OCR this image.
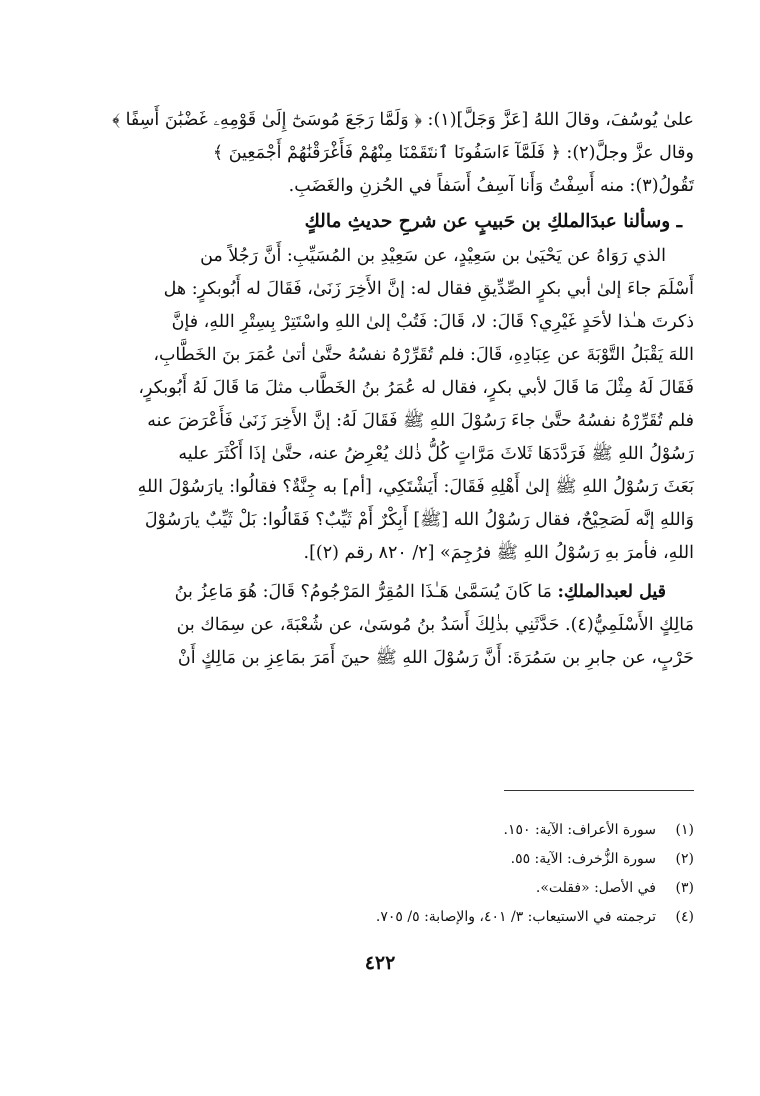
علىٰ يُوسُفَ، وقالَ اللهُ [عَزَّ وَجَلَّ](١): ﴿ وَلَمَّا رَجَعَ مُوسَىٰٓ إِلَىٰ قَوْمِهِۦ غَضْبَٰنَ أَسِفًا ﴾
وقال عزَّ وجلَّ(٢): ﴿ فَلَمَّآ ءَاسَفُونَا ٱنتَقَمْنَا مِنْهُمْ فَأَغْرَقْنَٰهُمْ أَجْمَعِينَ ﴾
تَقُولُ(٣): منه أَسِفْتُ وَأَنا آسِفُ أَسَفاً في الحُزنِ والغَضَبِ.

ـ وسألنا عبدَالملكِ بن حَبيبٍ عن شرحِ حديثِ مالكٍ

الذي رَوَاهُ عن يَحْيَىٰ بن سَعِيْدٍ، عن سَعِيْدِ بن المُسَيِّبِ: أَنَّ رَجُلاً من
أَسْلَمَ جاءَ إلىٰ أبي بكرٍ الصِّدِّيقِ فقال له: إنَّ الأَخِرَ زَنَىٰ، فَقَالَ له أَبُوبكرٍ: هل
ذكرتَ هـٰذا لأحَدٍ غَيْرِي؟ قَالَ: لا، قَالَ: فَتُبْ إلىٰ اللهِ واسْتَتِرْ بِسِتْرِ اللهِ، فإنَّ
اللهَ يَقْبَلُ التَّوْبَةَ عن عِبَادِهِ، قَالَ: فلم تُقَرِّرْهُ نفسُهُ حتَّىٰ أتىٰ عُمَرَ بنَ الخَطَّابِ،
فَقَالَ لَهُ مِثْلَ مَا قَالَ لأبي بكرٍ، فقال له عُمَرُ بنُ الخَطَّاب مثلَ مَا قَالَ لَهُ أَبُوبكرٍ،
فلم تُقَرِّرْهُ نفسُهُ حتَّىٰ جاءَ رَسُوْلَ اللهِ ﷺ فَقَالَ لَهُ: إنَّ الأَخِرَ زَنَىٰ فَأَعْرَضَ عنه
رَسُوْلُ اللهِ ﷺ فَرَدَّدَهَا ثَلاثَ مَرَّاتٍ كُلُّ ذٰلك يُعْرِضُ عنه، حتَّىٰ إذَا أَكْثَرَ عليه
بَعَثَ رَسُوْلُ اللهِ ﷺ إلىٰ أَهْلِهِ فَقَالَ: أَيَشْتَكِي، [أم] به جِنَّةٌ؟ فقالُوا: يارَسُوْلَ اللهِ
وَاللهِ إنَّه لَصَحِيْحٌ، فقال رَسُوْلُ الله [ﷺ] أَبِكْرٌ أَمْ ثَيِّبٌ؟ فَقَالُوا: بَلْ ثَيِّبٌ يارَسُوْلَ
اللهِ، فأمرَ بهِ رَسُوْلُ اللهِ ﷺ فرُجِمَ» [٢/ ٨٢٠ رقم (٢)].

قيل لعبدالملكِ: مَا كَانَ يُسَمَّىٰ هَـٰذَا المُقِرُّ المَرْجُومُ؟ قَالَ: هُوَ مَاعِزُ بنُ
مَالِكٍ الأَسْلَمِيُّ(٤). حَدَّثَنِي بذٰلِكَ أَسَدُ بنُ مُوسَىٰ، عن شُعْبَةَ، عن سِمَاك بن
حَرْبٍ، عن جابرِ بن سَمُرَةَ: أَنَّ رَسُوْلَ اللهِ ﷺ حينَ أَمَرَ بمَاعِزِ بن مَالِكٍ أَنْ

(١)
سورة الأعراف: الآية: ١٥٠.
(٢)
سورة الزُّخرف: الآية: ٥٥.
(٣)
في الأصل: «فقلت».
(٤)
ترجمته في الاستيعاب: ٣/ ٤٠١، والإصابة: ٥/ ٧٠٥.
٤٢٢
